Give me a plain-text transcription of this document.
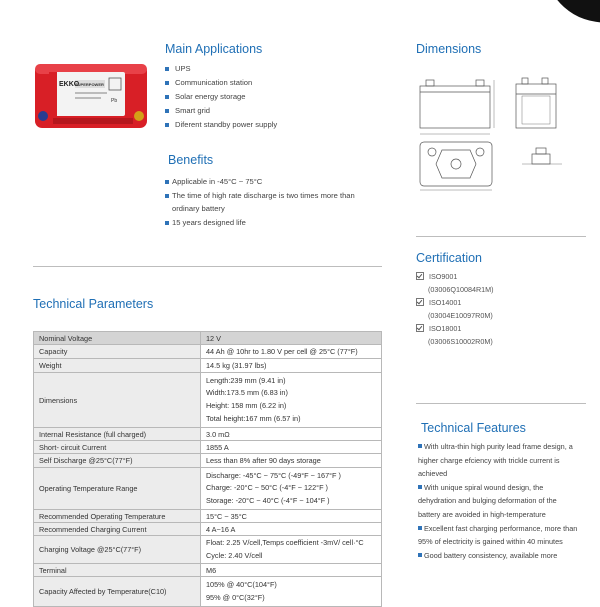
EKKO
SUPERPOWER
Pb
Main Applications
UPS
Communication station
Solar energy storage
Smart grid
Diferent standby power supply
Benefits
Applicable in -45°C ~ 75°C
The time of high rate discharge is two times more than ordinary battery
15 years designed life
Dimensions
Certification
ISO9001
(03006Q10084R1M)
ISO14001
(03004E10097R0M)
ISO18001
(03006S10002R0M)
Technical Parameters
Nominal Voltage	12 V
Capacity	44 Ah @ 10hr to 1.80 V per cell @ 25°C (77°F)
Weight	14.5 kg (31.97 lbs)
Dimensions	Length:239 mm (9.41 in)
Width:173.5 mm (6.83 in)
Height: 158 mm (6.22 in)
Total height:167 mm (6.57 in)

Internal Resistance (full charged)	3.0 mΩ
Short- circuit Current	1855 A
Self Discharge @25°C(77°F)	Less than 8% after 90 days storage
Operating Temperature Range	Discharge: -45°C ~ 75°C (-49°F ~ 167°F )
Charge: -20°C ~ 50°C (-4°F ~ 122°F )
Storage: -20°C ~ 40°C (-4°F ~ 104°F )

Recommended Operating Temperature	15°C ~ 35°C
Recommended Charging Current	4 A~16 A
Charging Voltage @25°C(77°F)	Float: 2.25 V/cell,Temps coefficient -3mV/ cell·°C
Cycle: 2.40 V/cell

Terminal	M6
Capacity Affected by Temperature(C10)	105% @ 40°C(104°F)
95% @ 0°C(32°F)
Technical Features
With ultra-thin high purity lead frame design, a higher charge efciency with trickle current is achieved
With unique spiral wound design, the dehydration and bulging deformation of the battery are avoided in high-temperature
Excellent fast charging performance, more than 95% of electricity is gained within 40 minutes
Good battery consistency, available more
